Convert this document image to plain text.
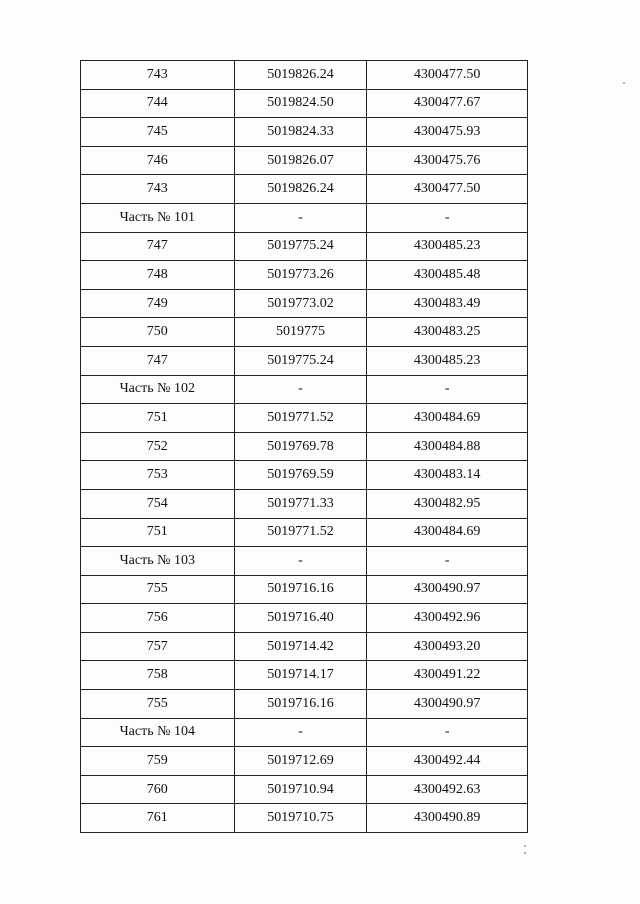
743	5019826.24	4300477.50
744	5019824.50	4300477.67
745	5019824.33	4300475.93
746	5019826.07	4300475.76
743	5019826.24	4300477.50
Часть № 101	-	-
747	5019775.24	4300485.23
748	5019773.26	4300485.48
749	5019773.02	4300483.49
750	5019775	4300483.25
747	5019775.24	4300485.23
Часть № 102	-	-
751	5019771.52	4300484.69
752	5019769.78	4300484.88
753	5019769.59	4300483.14
754	5019771.33	4300482.95
751	5019771.52	4300484.69
Часть № 103	-	-
755	5019716.16	4300490.97
756	5019716.40	4300492.96
757	5019714.42	4300493.20
758	5019714.17	4300491.22
755	5019716.16	4300490.97
Часть № 104	-	-
759	5019712.69	4300492.44
760	5019710.94	4300492.63
761	5019710.75	4300490.89
